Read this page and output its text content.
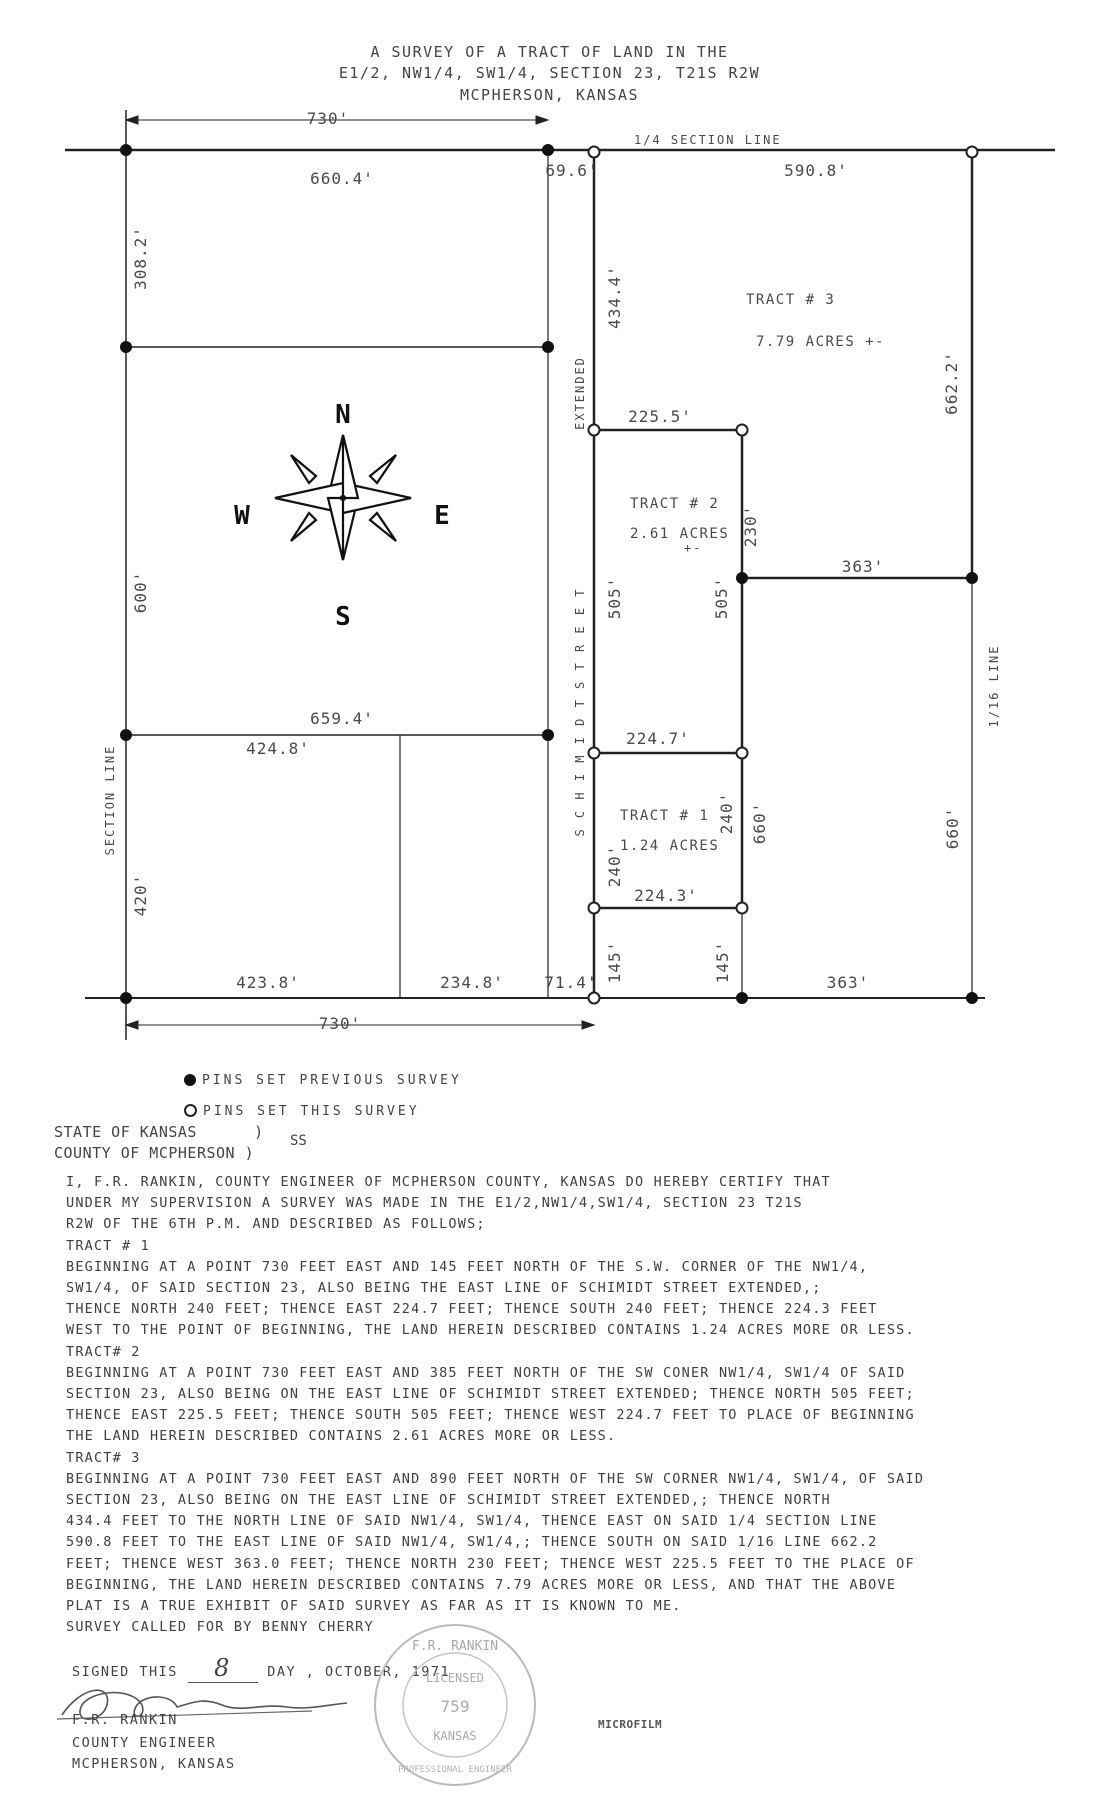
A SURVEY OF A TRACT OF LAND IN THE
E1/2, NW1/4, SW1/4, SECTION 23, T21S R2W
MCPHERSON, KANSAS
N
S
E
W
730'
660.4'	69.6'	590.8'
659.4'
424.8'
423.8'	234.8'	71.4'	363'
730'
225.5'
363'
224.7'
224.3'
308.2'
600'
420'
434.4'
662.2'
230'
505'	505'
240'
240' 660'	660'
145'	145'
1/4 SECTION LINE
SECTION LINE
1/16 LINE
S C H I M I D T S T R E E T
EXTENDED
TRACT # 3
7.79 ACRES +-
TRACT # 2
2.61 ACRES
+-
TRACT # 1
1.24 ACRES
PINS SET PREVIOUS SURVEY
PINS SET THIS SURVEY
STATE OF KANSAS      )
COUNTY OF MCPHERSON )
SS

I, F.R. RANKIN, COUNTY ENGINEER OF MCPHERSON COUNTY, KANSAS DO HEREBY CERTIFY THAT

UNDER MY SUPERVISION A SURVEY WAS MADE IN THE E1/2,NW1/4,SW1/4, SECTION 23 T21S

R2W OF THE 6TH P.M. AND DESCRIBED AS FOLLOWS;

TRACT # 1

BEGINNING AT A POINT 730 FEET EAST AND 145 FEET NORTH OF THE S.W. CORNER OF THE NW1/4,

SW1/4, OF SAID SECTION 23, ALSO BEING THE EAST LINE OF SCHIMIDT STREET EXTENDED,;

THENCE NORTH 240 FEET; THENCE EAST 224.7 FEET; THENCE SOUTH 240 FEET; THENCE 224.3 FEET

WEST TO THE POINT OF BEGINNING, THE LAND HEREIN DESCRIBED CONTAINS 1.24 ACRES MORE OR LESS.

TRACT# 2

BEGINNING AT A POINT 730 FEET EAST AND 385 FEET NORTH OF THE SW CONER NW1/4, SW1/4 OF SAID

SECTION 23, ALSO BEING ON THE EAST LINE OF SCHIMIDT STREET EXTENDED; THENCE NORTH 505 FEET;

THENCE EAST 225.5 FEET; THENCE SOUTH 505 FEET; THENCE WEST 224.7 FEET TO PLACE OF BEGINNING

THE LAND HEREIN DESCRIBED CONTAINS 2.61 ACRES MORE OR LESS.

TRACT# 3

BEGINNING AT A POINT 730 FEET EAST AND 890 FEET NORTH OF THE SW CORNER NW1/4, SW1/4, OF SAID

SECTION 23, ALSO BEING ON THE EAST LINE OF SCHIMIDT STREET EXTENDED,; THENCE NORTH

434.4 FEET TO THE NORTH LINE OF SAID NW1/4, SW1/4, THENCE EAST ON SAID 1/4 SECTION LINE

590.8 FEET TO THE EAST LINE OF SAID NW1/4, SW1/4,; THENCE SOUTH ON SAID 1/16 LINE 662.2

FEET; THENCE WEST 363.0 FEET; THENCE NORTH 230 FEET; THENCE WEST 225.5 FEET TO THE PLACE OF

BEGINNING, THE LAND HEREIN DESCRIBED CONTAINS 7.79 ACRES MORE OR LESS, AND THAT THE ABOVE

PLAT IS A TRUE EXHIBIT OF SAID SURVEY AS FAR AS IT IS KNOWN TO ME.

SURVEY CALLED FOR BY BENNY CHERRY

SIGNED THIS 8	DAY , OCTOBER, 1971
F.R. RANKIN
COUNTY ENGINEER
MCPHERSON, KANSAS
F.R. RANKIN
LICENSED
759
KANSAS
PROFESSIONAL ENGINEER
MICROFILM
